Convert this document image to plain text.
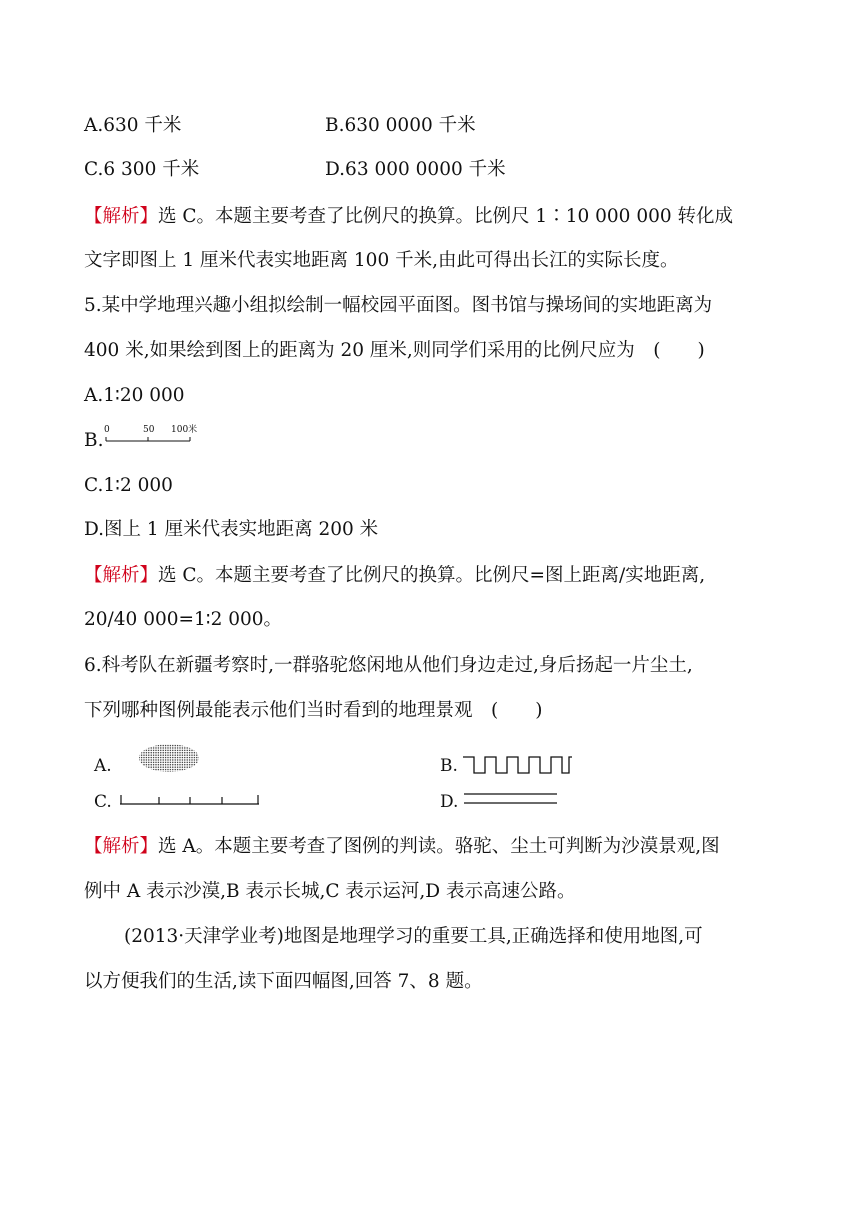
A.630 千米	B.630 0000 千米
C.6 300 千米	D.63 000 0000 千米
【解析】选 C。本题主要考查了比例尺的换算。比例尺 1∶10 000 000 转化成
文字即图上 1 厘米代表实地距离 100 千米,由此可得出长江的实际长度。
5.某中学地理兴趣小组拟绘制一幅校园平面图。图书馆与操场间的实地距离为
400 米,如果绘到图上的距离为 20 厘米,则同学们采用的比例尺应为　(　　)
A.1∶20 000
B. 0	50 100米
C.1∶2 000
D.图上 1 厘米代表实地距离 200 米
【解析】选 C。本题主要考查了比例尺的换算。比例尺=图上距离/实地距离,
20/40 000=1∶2 000。
6.科考队在新疆考察时,一群骆驼悠闲地从他们身边走过,身后扬起一片尘土,
下列哪种图例最能表示他们当时看到的地理景观　(　　)
A.	B.
C.	D.
【解析】选 A。本题主要考查了图例的判读。骆驼、尘土可判断为沙漠景观,图
例中 A 表示沙漠,B 表示长城,C 表示运河,D 表示高速公路。
(2013·天津学业考)地图是地理学习的重要工具,正确选择和使用地图,可
以方便我们的生活,读下面四幅图,回答 7、8 题。
